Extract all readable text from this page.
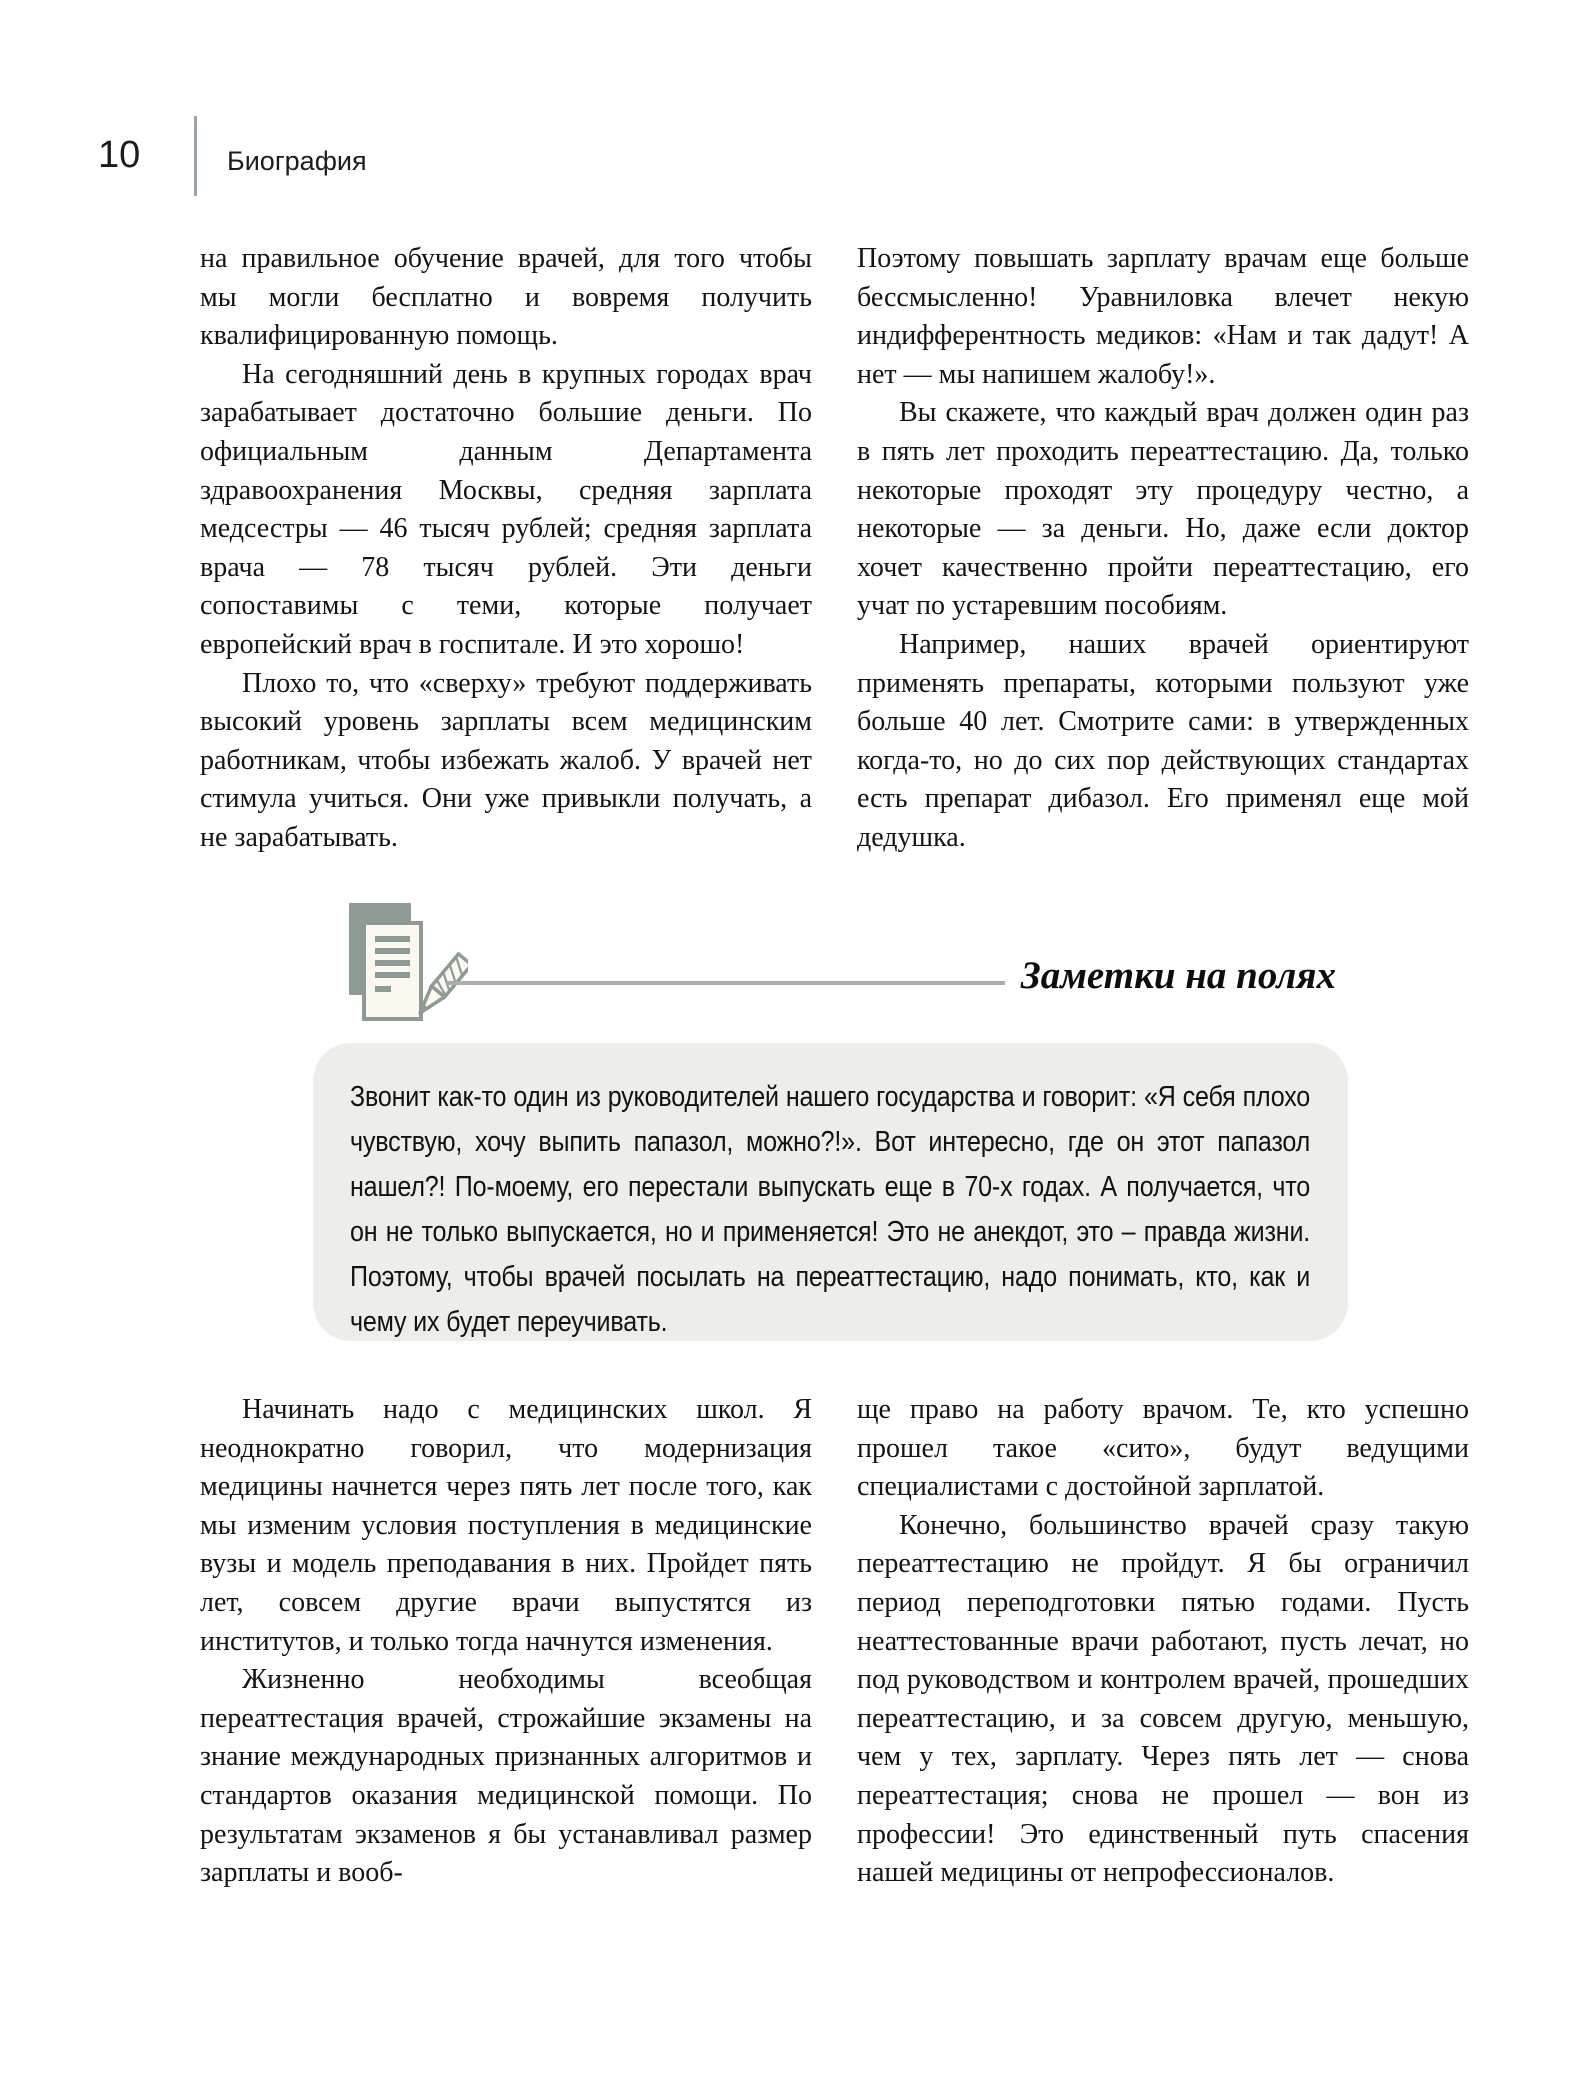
10	Биография

на правильное обучение врачей, для того чтобы мы могли бесплатно и вовремя получить квалифицированную помощь.

На сегодняшний день в крупных городах врач зарабатывает достаточно большие деньги. По официальным данным Департамента здравоохранения Москвы, средняя зарплата медсестры — 46 тысяч рублей; средняя зарплата врача — 78 тысяч рублей. Эти деньги сопоставимы с теми, которые получает европейский врач в госпитале. И это хорошо!

Плохо то, что «сверху» требуют поддерживать высокий уровень зарплаты всем медицинским работникам, чтобы избежать жалоб. У врачей нет стимула учиться. Они уже привыкли получать, а не зарабатывать.

Поэтому повышать зарплату врачам еще больше бессмысленно! Уравниловка влечет некую индифферентность медиков: «Нам и так дадут! А нет — мы напишем жалобу!».

Вы скажете, что каждый врач должен один раз в пять лет проходить переаттестацию. Да, только некоторые проходят эту процедуру честно, а некоторые — за деньги. Но, даже если доктор хочет качественно пройти переаттестацию, его учат по устаревшим пособиям.

Например, наших врачей ориентируют применять препараты, которыми пользуют уже больше 40 лет. Смотрите сами: в утвержденных когда-то, но до сих пор действующих стандартах есть препарат дибазол. Его применял еще мой дедушка.

Заметки на полях

Звонит как-то один из руководителей нашего государства и говорит: «Я себя плохо чувствую, хочу выпить папазол, можно?!». Вот интересно, где он этот папазол нашел?! По-моему, его перестали выпускать еще в 70-х годах. А получается, что он не только выпускается, но и применяется! Это не анекдот, это – правда жизни. Поэтому, чтобы врачей посылать на переаттестацию, надо понимать, кто, как и чему их будет переучивать.

Начинать надо с медицинских школ. Я неоднократно говорил, что модернизация медицины начнется через пять лет после того, как мы изменим условия поступления в медицинские вузы и модель преподавания в них. Пройдет пять лет, совсем другие врачи выпустятся из институтов, и только тогда начнутся изменения.

Жизненно необходимы всеобщая переаттестация врачей, строжайшие экзамены на знание международных признанных алгоритмов и стандартов оказания медицинской помощи. По результатам экзаменов я бы устанавливал размер зарплаты и вооб-

ще право на работу врачом. Те, кто успешно прошел такое «сито», будут ведущими специалистами с достойной зарплатой.

Конечно, большинство врачей сразу такую переаттестацию не пройдут. Я бы ограничил период переподготовки пятью годами. Пусть неаттестованные врачи работают, пусть лечат, но под руководством и контролем врачей, прошедших переаттестацию, и за совсем другую, меньшую, чем у тех, зарплату. Через пять лет — снова переаттестация; снова не прошел — вон из профессии! Это единственный путь спасения нашей медицины от непрофессионалов.
